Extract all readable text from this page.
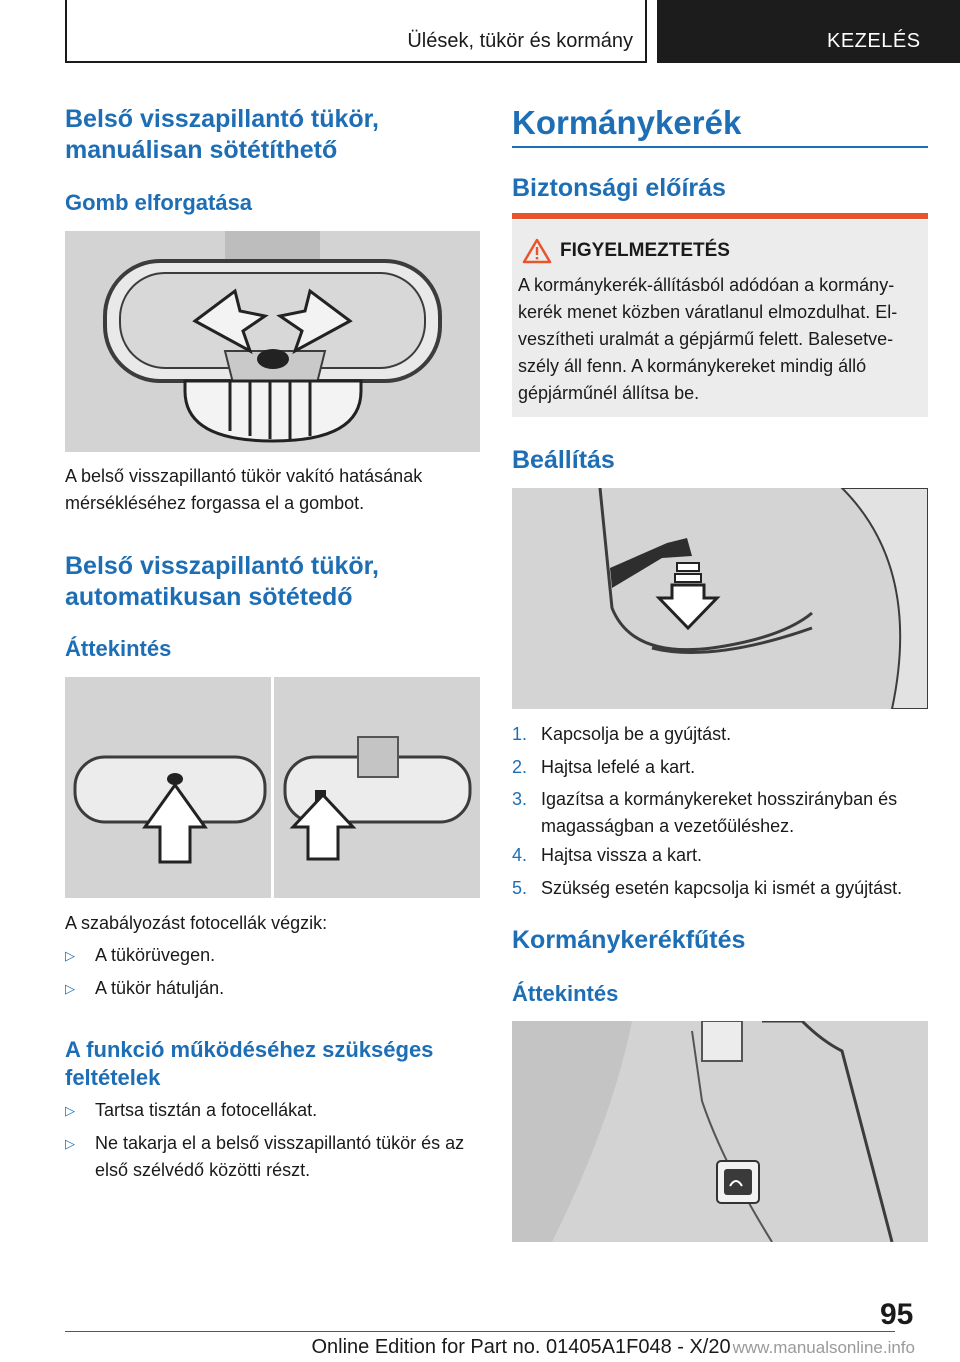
Ülések, tükör és kormány	KEZELÉS
Belső visszapillantó tükör,
manuálisan sötétíthető
Gomb elforgatása

A belső visszapillantó tükör vakító hatásának
mérsékléséhez forgassa el a gombot.

Belső visszapillantó tükör,
automatikusan sötétedő
Áttekintés

A szabályozást fotocellák végzik:

▷ A tükörüvegen.
▷ A tükör hátulján.
A funkció működéséhez szükséges
feltételek
▷ Tartsa tisztán a fotocellákat.
▷ Ne takarja el a belső visszapillantó tükör és az
első szélvédő közötti részt.
Kormánykerék
Biztonsági előírás
FIGYELMEZTETÉS
A kormánykerék-állításból adódóan a kormány-
kerék menet közben váratlanul elmozdulhat. El-
veszítheti uralmát a gépjármű felett. Balesetve-
szély áll fenn. A kormánykereket mindig álló
gépjárműnél állítsa be.
Beállítás
1. Kapcsolja be a gyújtást.
2. Hajtsa lefelé a kart.
3. Igazítsa a kormánykereket hosszirányban és
magasságban a vezetőüléshez.
4. Hajtsa vissza a kart.
5. Szükség esetén kapcsolja ki ismét a gyújtást.
Kormánykerékfűtés
Áttekintés
95
Online Edition for Part no. 01405A1F048 - X/20 www.manualsonline.info
